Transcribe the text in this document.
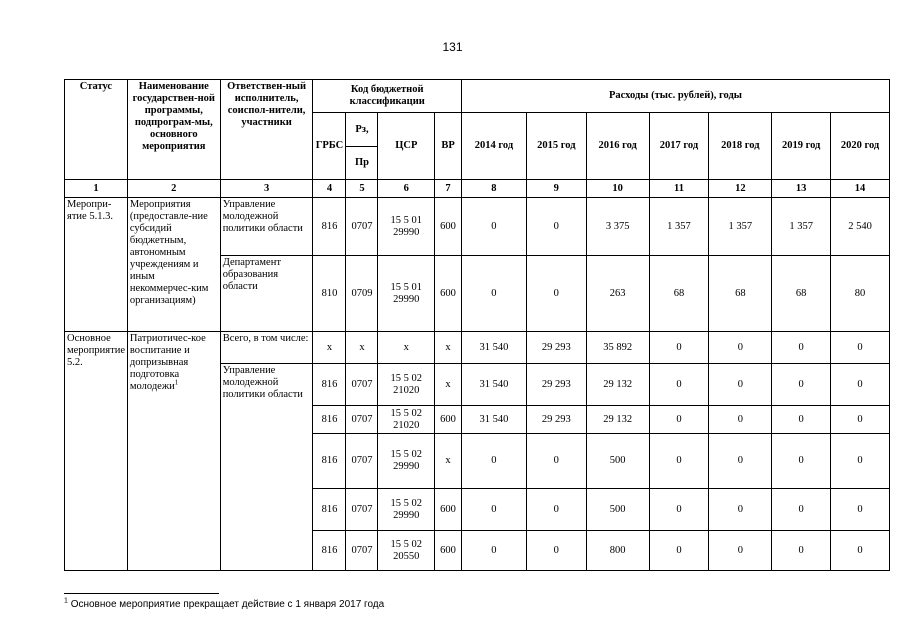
131
Статус	Наименование государствен-ной программы, подпрограм-мы, основного мероприятия	Ответствен-ный исполнитель, соиспол-нители, участники	Код бюджетной классификации				Расходы (тыс. рублей), годы						
			ГРБС	Рз,	ЦСР	ВР	2014 год	2015 год	2016 год	2017 год	2018 год	2019 год	2020 год
				Пр									
1	2	3	4	5	6	7	8	9	10	11	12	13	14
Меропри-ятие 5.1.3.	Мероприятия (предоставле-ние субсидий бюджетным, автономным учреждениям и иным некоммерчес-ким организациям)	Управление молодежной политики области	816	0707	15 5 01 29990	600	0	0	3 375	1 357	1 357	1 357	2 540
		Департамент образования области	810	0709	15 5 01 29990	600	0	0	263	68	68	68	80
Основное мероприятие 5.2.	Патриотичес-кое воспитание и допризывная подготовка молодежи$^1$	Всего, в том числе:	x	x	x	x	31 540	29 293	35 892	0	0	0	0
		Управление молодежной политики области	816	0707	15 5 02 21020	x	31 540	29 293	29 132	0	0	0	0
			816	0707	15 5 02 21020	600	31 540	29 293	29 132	0	0	0	0
			816	0707	15 5 02 29990	x	0	0	500	0	0	0	0
			816	0707	15 5 02 29990	600	0	0	500	0	0	0	0
			816	0707	15 5 02 20550	600	0	0	800	0	0	0	0
$^1$ Основное мероприятие прекращает действие с 1 января 2017 года
